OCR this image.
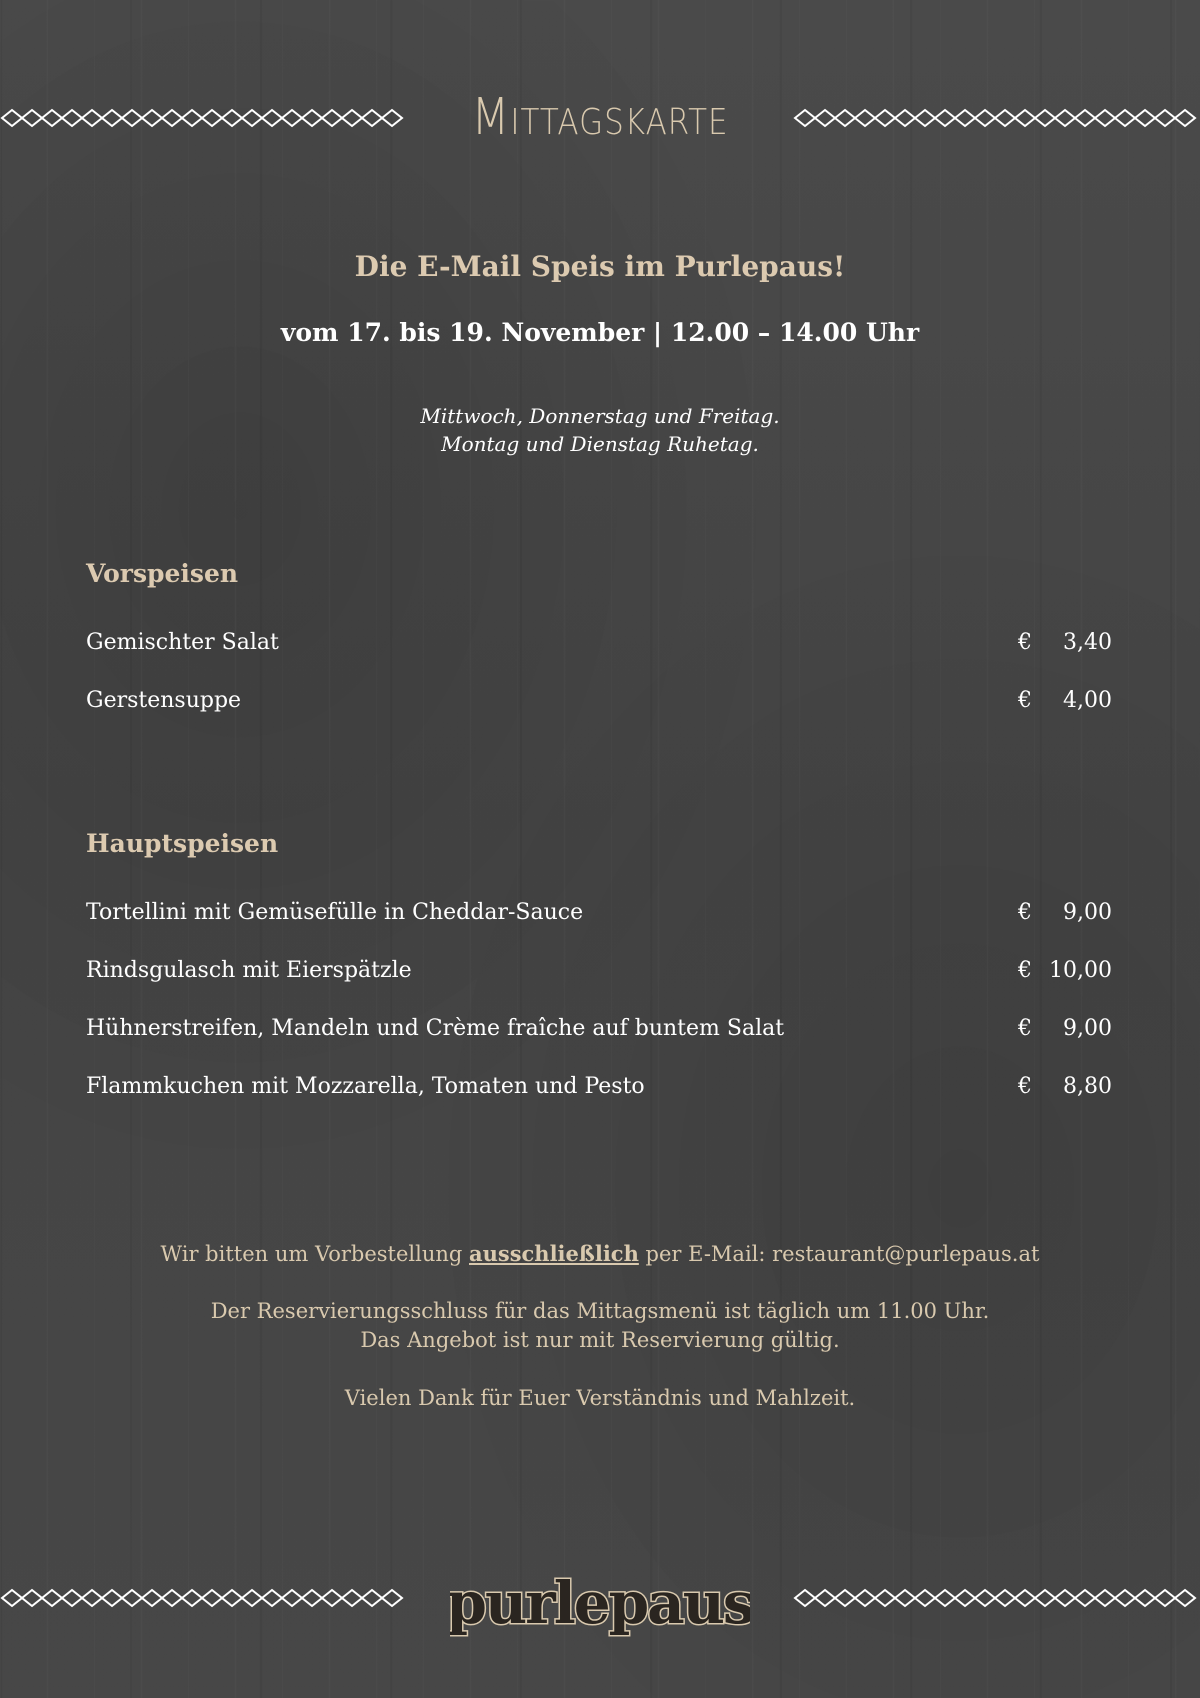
Mittagskarte
Die E-Mail Speis im Purlepaus!
vom 17. bis 19. November | 12.00 – 14.00 Uhr
Mittwoch, Donnerstag und Freitag.
Montag und Dienstag Ruhetag.
Vorspeisen
Gemischter Salat	€ 3,40
Gerstensuppe	€ 4,00
Hauptspeisen
Tortellini mit Gemüsefülle in Cheddar-Sauce	€ 9,00
Rindsgulasch mit Eierspätzle	€ 10,00
Hühnerstreifen, Mandeln und Crème fraîche auf buntem Salat	€ 9,00
Flammkuchen mit Mozzarella, Tomaten und Pesto	€ 8,80
Wir bitten um Vorbestellung ausschließlich per E-Mail: restaurant@purlepaus.at
Der Reservierungsschluss für das Mittagsmenü ist täglich um 11.00 Uhr.
Das Angebot ist nur mit Reservierung gültig.
Vielen Dank für Euer Verständnis und Mahlzeit.
purlepaus
